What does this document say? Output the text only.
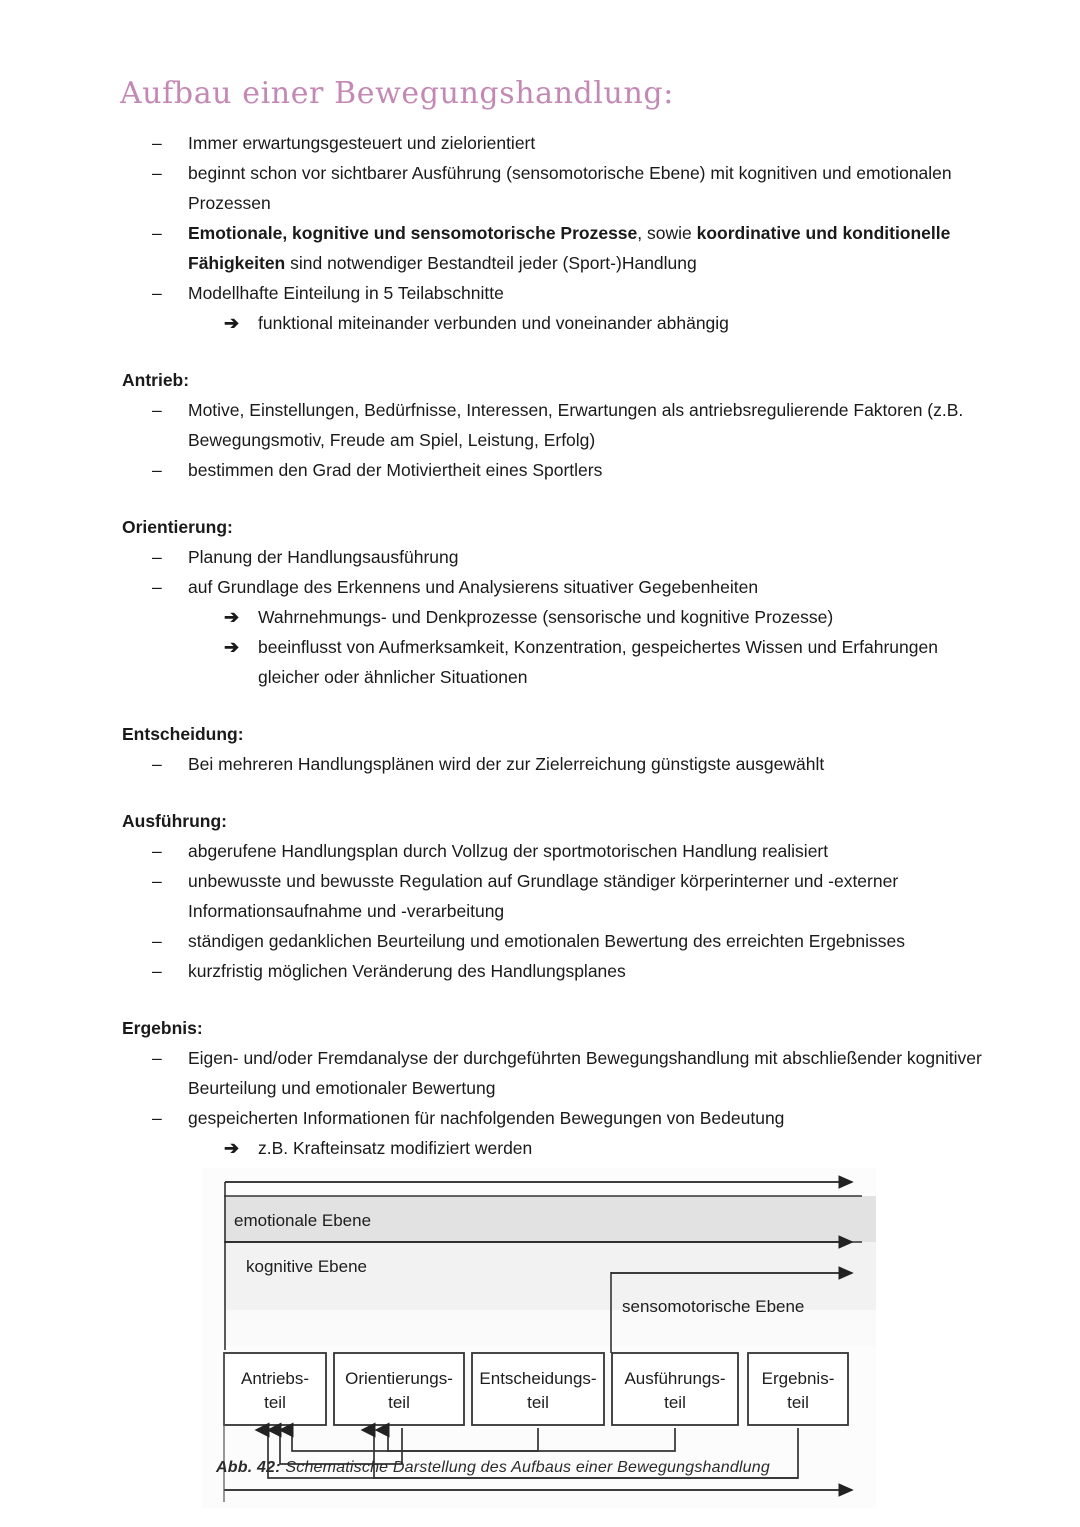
Aufbau einer Bewegungshandlung:
–	Immer erwartungsgesteuert und zielorientiert
–	beginnt schon vor sichtbarer Ausführung (sensomotorische Ebene) mit kognitiven und emotionalen Prozessen
–	Emotionale, kognitive und sensomotorische Prozesse, sowie koordinative und konditionelle Fähigkeiten sind notwendiger Bestandteil jeder (Sport-)Handlung
–	Modellhafte Einteilung in 5 Teilabschnitte
➔ funktional miteinander verbunden und voneinander abhängig
Antrieb:
–	Motive, Einstellungen, Bedürfnisse, Interessen, Erwartungen als antriebsregulierende Faktoren (z.B. Bewegungsmotiv, Freude am Spiel, Leistung, Erfolg)
–	bestimmen den Grad der Motiviertheit eines Sportlers
Orientierung:
–	Planung der Handlungsausführung
–	auf Grundlage des Erkennens und Analysierens situativer Gegebenheiten
➔ Wahrnehmungs- und Denkprozesse (sensorische und kognitive Prozesse)
➔ beeinflusst von Aufmerksamkeit, Konzentration, gespeichertes Wissen und Erfahrungen gleicher oder ähnlicher Situationen
Entscheidung:
–	Bei mehreren Handlungsplänen wird der zur Zielerreichung günstigste ausgewählt
Ausführung:
–	abgerufene Handlungsplan durch Vollzug der sportmotorischen Handlung realisiert
–	unbewusste und bewusste Regulation auf Grundlage ständiger körperinterner und -externer Informationsaufnahme und -verarbeitung
–	ständigen gedanklichen Beurteilung und emotionalen Bewertung des erreichten Ergebnisses
–	kurzfristig möglichen Veränderung des Handlungsplanes
Ergebnis:
–	Eigen- und/oder Fremdanalyse der durchgeführten Bewegungshandlung mit abschließender kognitiver Beurteilung und emotionaler Bewertung
–	gespeicherten Informationen für nachfolgenden Bewegungen von Bedeutung
➔ z.B. Krafteinsatz modifiziert werden
emotionale Ebene
kognitive Ebene
sensomotorische Ebene
Antriebs-
teil
Orientierungs-
teil
Entscheidungs-
teil
Ausführungs-
teil
Ergebnis-
teil
Abb. 42: Schematische Darstellung des Aufbaus einer Bewegungshandlung
